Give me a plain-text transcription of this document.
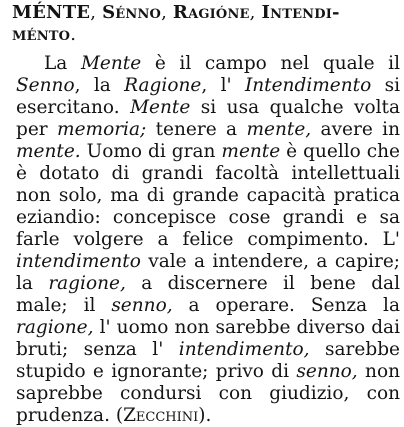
MÉNTE, Sénno, Ragióne, Intendi-
ménto.
La Mente è il campo nel quale il Senno, la Ragione, l' Intendimento si esercitano. Mente si usa qualche volta per memoria; tenere a mente, avere in mente. Uomo di gran mente è quello che è dotato di grandi facoltà intellettuali non solo, ma di grande capacità pratica eziandio: concepisce cose grandi e sa farle volgere a felice compimento. L' intendimento vale a intendere, a capire; la ragione, a discernere il bene dal male; il senno, a operare. Senza la ragione, l' uomo non sarebbe diverso dai bruti; senza l' intendimento, sarebbe stupido e ignorante; privo di senno, non saprebbe condursi con giudizio, con prudenza. (Zecchini).
